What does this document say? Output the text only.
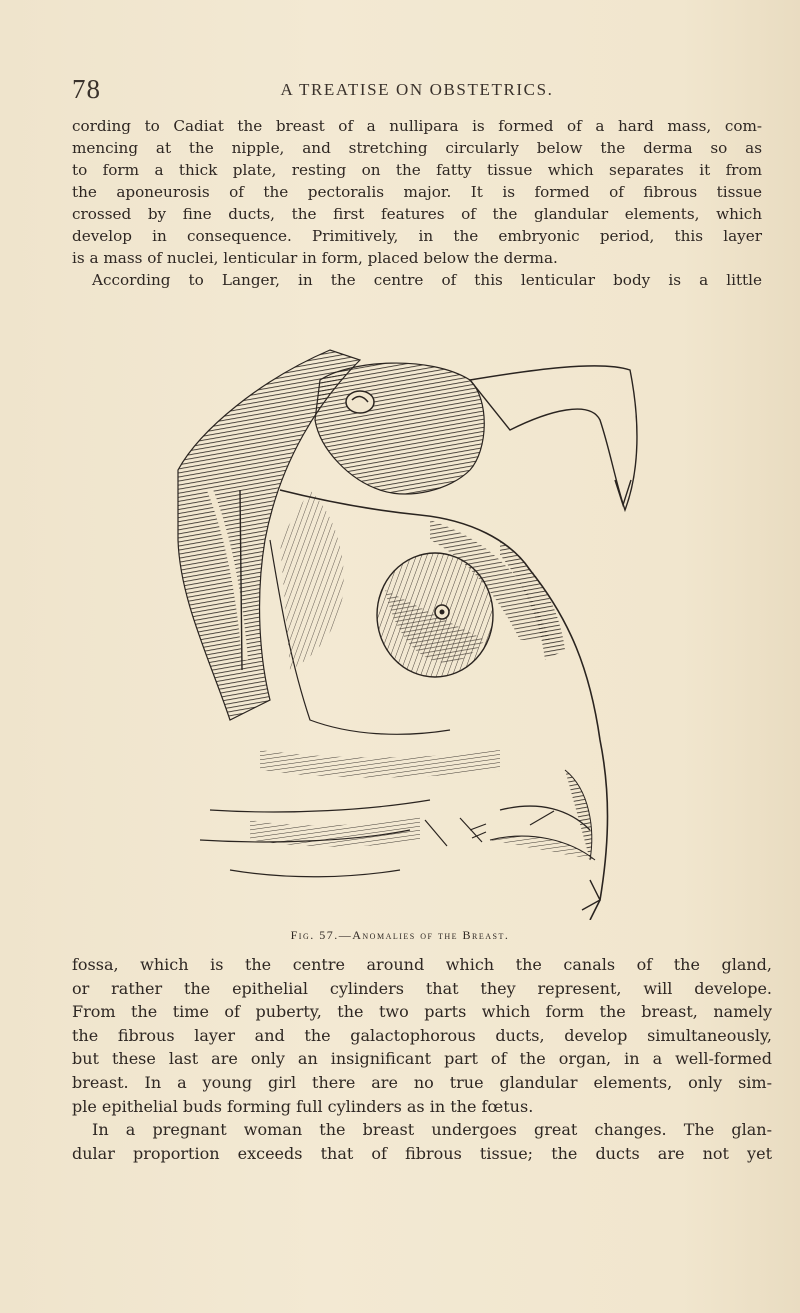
78	A TREATISE ON OBSTETRICS.
cording to Cadiat the breast of a nullipara is formed of a hard mass, com-
mencing at the nipple, and stretching circularly below the derma so as
to form a thick plate, resting on the fatty tissue which separates it from
the aponeurosis of the pectoralis major. It is formed of fibrous tissue
crossed by fine ducts, the first features of the glandular elements, which
develop in consequence. Primitively, in the embryonic period, this layer
is a mass of nuclei, lenticular in form, placed below the derma.
According to Langer, in the centre of this lenticular body is a little
Fig. 57.—Anomalies of the Breast.
fossa, which is the centre around which the canals of the gland,
or rather the epithelial cylinders that they represent, will develope.
From the time of puberty, the two parts which form the breast, namely
the fibrous layer and the galactophorous ducts, develop simultaneously,
but these last are only an insignificant part of the organ, in a well-formed
breast. In a young girl there are no true glandular elements, only sim-
ple epithelial buds forming full cylinders as in the fœtus.
In a pregnant woman the breast undergoes great changes. The glan-
dular proportion exceeds that of fibrous tissue; the ducts are not yet
